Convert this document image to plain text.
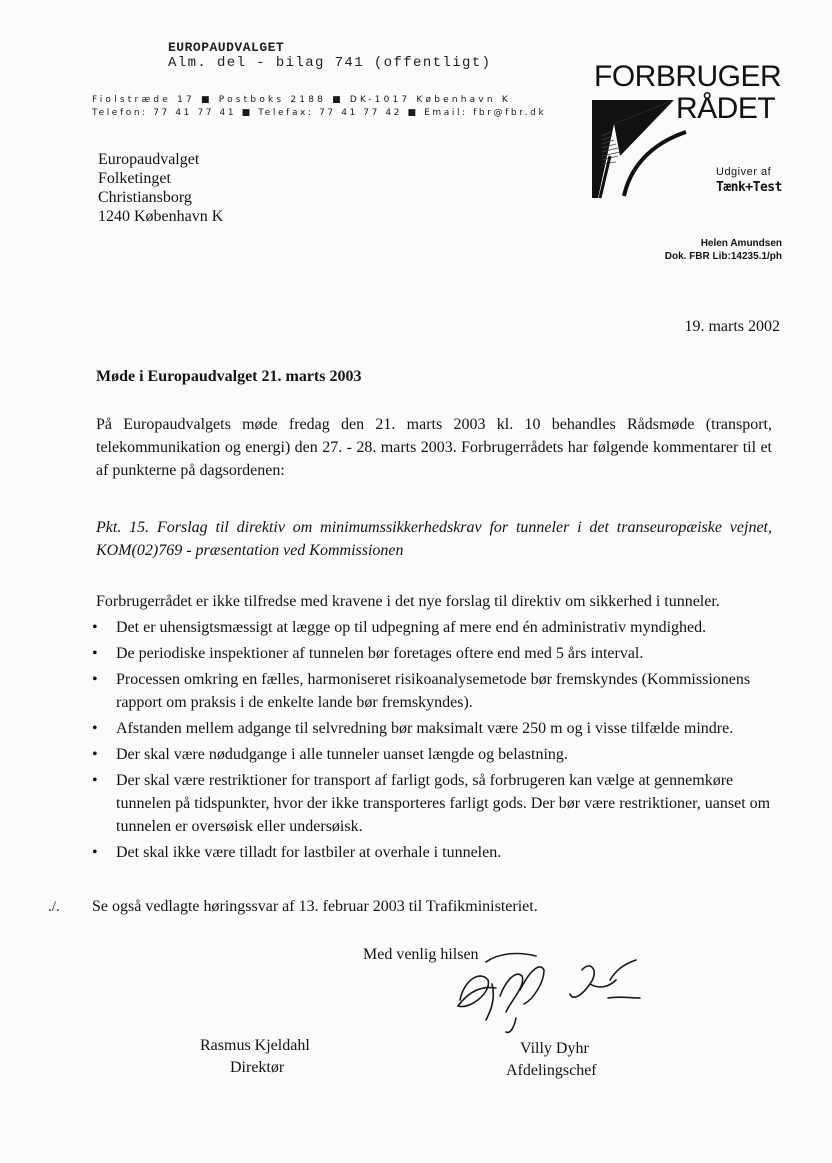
EUROPAUDVALGET
Alm. del - bilag 741 (offentligt)
Fiolstræde 17 ■ Postboks 2188 ■ DK-1017 København K
Telefon: 77 41 77 41 ■ Telefax: 77 41 77 42 ■ Email: fbr@fbr.dk
FORBRUGER
RÅDET
Udgiver af
Tænk+Test
Europaudvalget
Folketinget
Christiansborg
1240 København K
Helen Amundsen
Dok. FBR Lib:14235.1/ph
19. marts 2002
Møde i Europaudvalget 21. marts 2003
På Europaudvalgets møde fredag den 21. marts 2003 kl. 10 behandles Rådsmøde (transport, telekommunikation og energi) den 27. - 28. marts 2003. Forbrugerrådets har følgende kommentarer til et af punkterne på dagsordenen:
Pkt. 15. Forslag til direktiv om minimumssikkerhedskrav for tunneler i det transeuropæiske vejnet, KOM(02)769 - præsentation ved Kommissionen
Forbrugerrådet er ikke tilfredse med kravene i det nye forslag til direktiv om sikkerhed i tunneler.
• Det er uhensigtsmæssigt at lægge op til udpegning af mere end én administrativ myndighed.
• De periodiske inspektioner af tunnelen bør foretages oftere end med 5 års interval.
• Processen omkring en fælles, harmoniseret risikoanalysemetode bør fremskyndes (Kommissionens rapport om praksis i de enkelte lande bør fremskyndes).
• Afstanden mellem adgange til selvredning bør maksimalt være 250 m og i visse tilfælde mindre.
• Der skal være nødudgange i alle tunneler uanset længde og belastning.
• Der skal være restriktioner for transport af farligt gods, så forbrugeren kan vælge at gennemkøre tunnelen på tidspunkter, hvor der ikke transporteres farligt gods. Der bør være restriktioner, uanset om tunnelen er oversøisk eller undersøisk.
• Det skal ikke være tilladt for lastbiler at overhale i tunnelen.
./. Se også vedlagte høringssvar af 13. februar 2003 til Trafikministeriet.
Med venlig hilsen
Rasmus Kjeldahl
Direktør
Villy Dyhr
Afdelingschef
